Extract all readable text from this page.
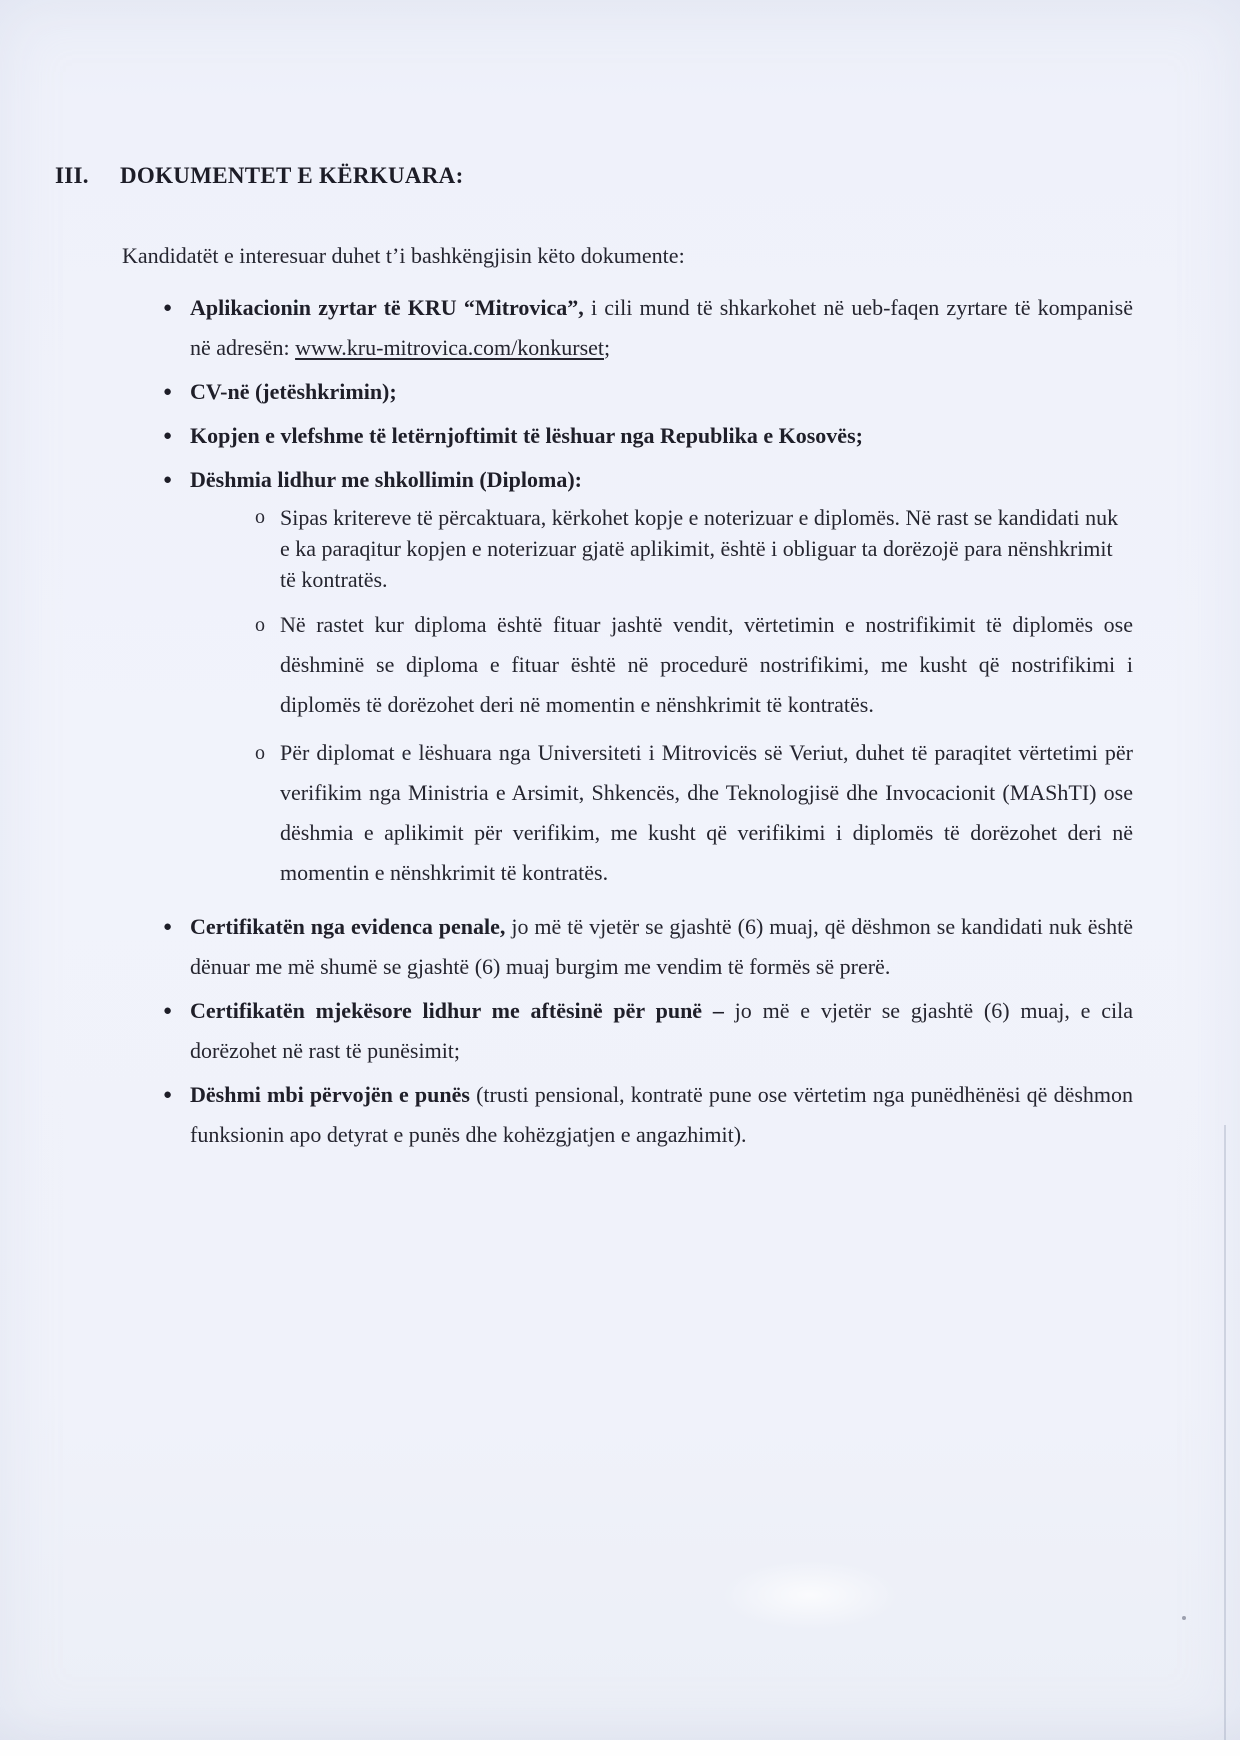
III.	DOKUMENTET E KËRKUARA:

Kandidatët e interesuar duhet t’i bashkëngjisin këto dokumente:

● Aplikacionin zyrtar të KRU “Mitrovica”, i cili mund të shkarkohet në ueb-faqen zyrtare të kompanisë në adresën: www.kru-mitrovica.com/konkurset;
● CV-në (jetëshkrimin);
● Kopjen e vlefshme të letërnjoftimit të lëshuar nga Republika e Kosovës;
● Dëshmia lidhur me shkollimin (Diploma):
o Sipas kritereve të përcaktuara, kërkohet kopje e noterizuar e diplomës. Në rast se kandidati nuk e ka paraqitur kopjen e noterizuar gjatë aplikimit, është i obliguar ta dorëzojë para nënshkrimit të kontratës.
o Në rastet kur diploma është fituar jashtë vendit, vërtetimin e nostrifikimit të diplomës ose dëshminë se diploma e fituar është në procedurë nostrifikimi, me kusht që nostrifikimi i diplomës të dorëzohet deri në momentin e nënshkrimit të kontratës.
o Për diplomat e lëshuara nga Universiteti i Mitrovicës së Veriut, duhet të paraqitet vërtetimi për verifikim nga Ministria e Arsimit, Shkencës, dhe Teknologjisë dhe Invocacionit (MAShTI) ose dëshmia e aplikimit për verifikim, me kusht që verifikimi i diplomës të dorëzohet deri në momentin e nënshkrimit të kontratës.
● Certifikatën nga evidenca penale, jo më të vjetër se gjashtë (6) muaj, që dëshmon se kandidati nuk është dënuar me më shumë se gjashtë (6) muaj burgim me vendim të formës së prerë.
● Certifikatën mjekësore lidhur me aftësinë për punë – jo më e vjetër se gjashtë (6) muaj, e cila dorëzohet në rast të punësimit;
● Dëshmi mbi përvojën e punës (trusti pensional, kontratë pune ose vërtetim nga punëdhënësi që dëshmon funksionin apo detyrat e punës dhe kohëzgjatjen e angazhimit).
